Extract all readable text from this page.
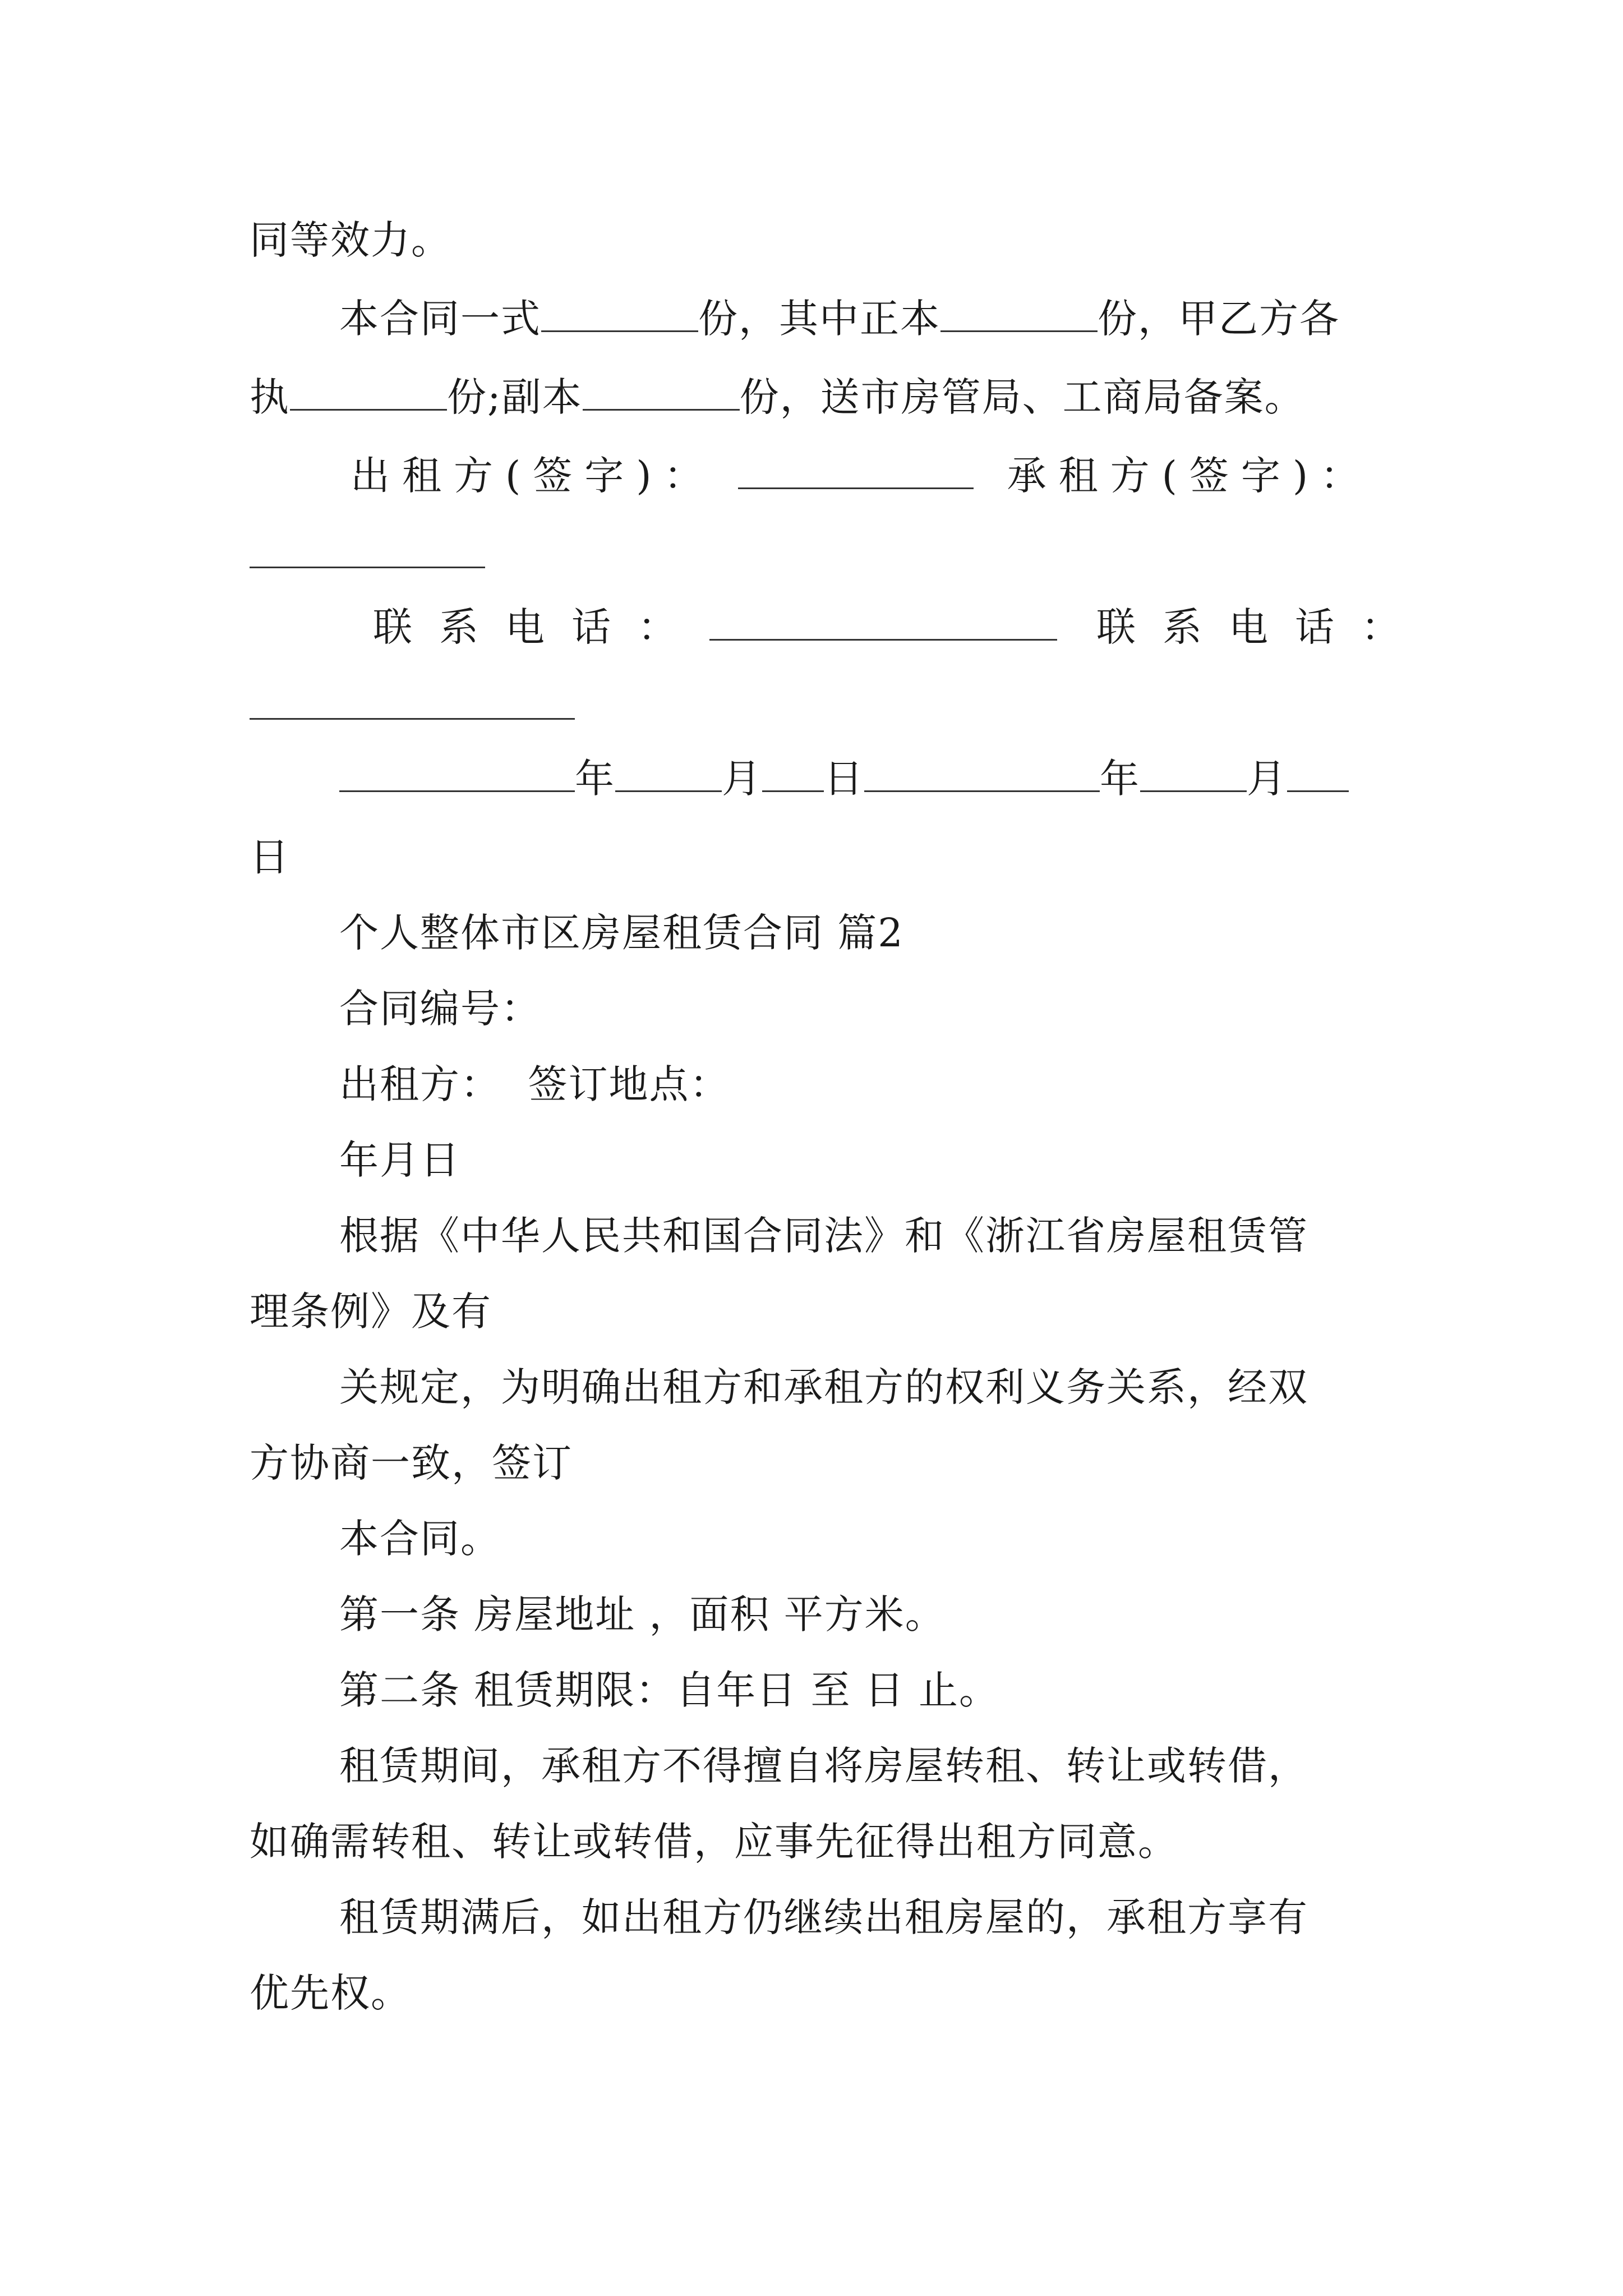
同等效力。
本合同一式	份，其中正本	份，甲乙方各
执	份;副本	份，送市房管局、工商局备案。
出租方(签字)：	承租方(签字)：
联系电话：	联系电话：
年	月 日	年	月
日
个人整体市区房屋租赁合同 篇2
合同编号：
出租方：  签订地点：
年月日
根据《中华人民共和国合同法》和《浙江省房屋租赁管
理条例》及有
关规定，为明确出租方和承租方的权利义务关系，经双
方协商一致，签订
本合同。
第一条 房屋地址 ，面积 平方米。
第二条 租赁期限：自年日 至 日 止。
租赁期间，承租方不得擅自将房屋转租、转让或转借，
如确需转租、转让或转借，应事先征得出租方同意。
租赁期满后，如出租方仍继续出租房屋的，承租方享有
优先权。
